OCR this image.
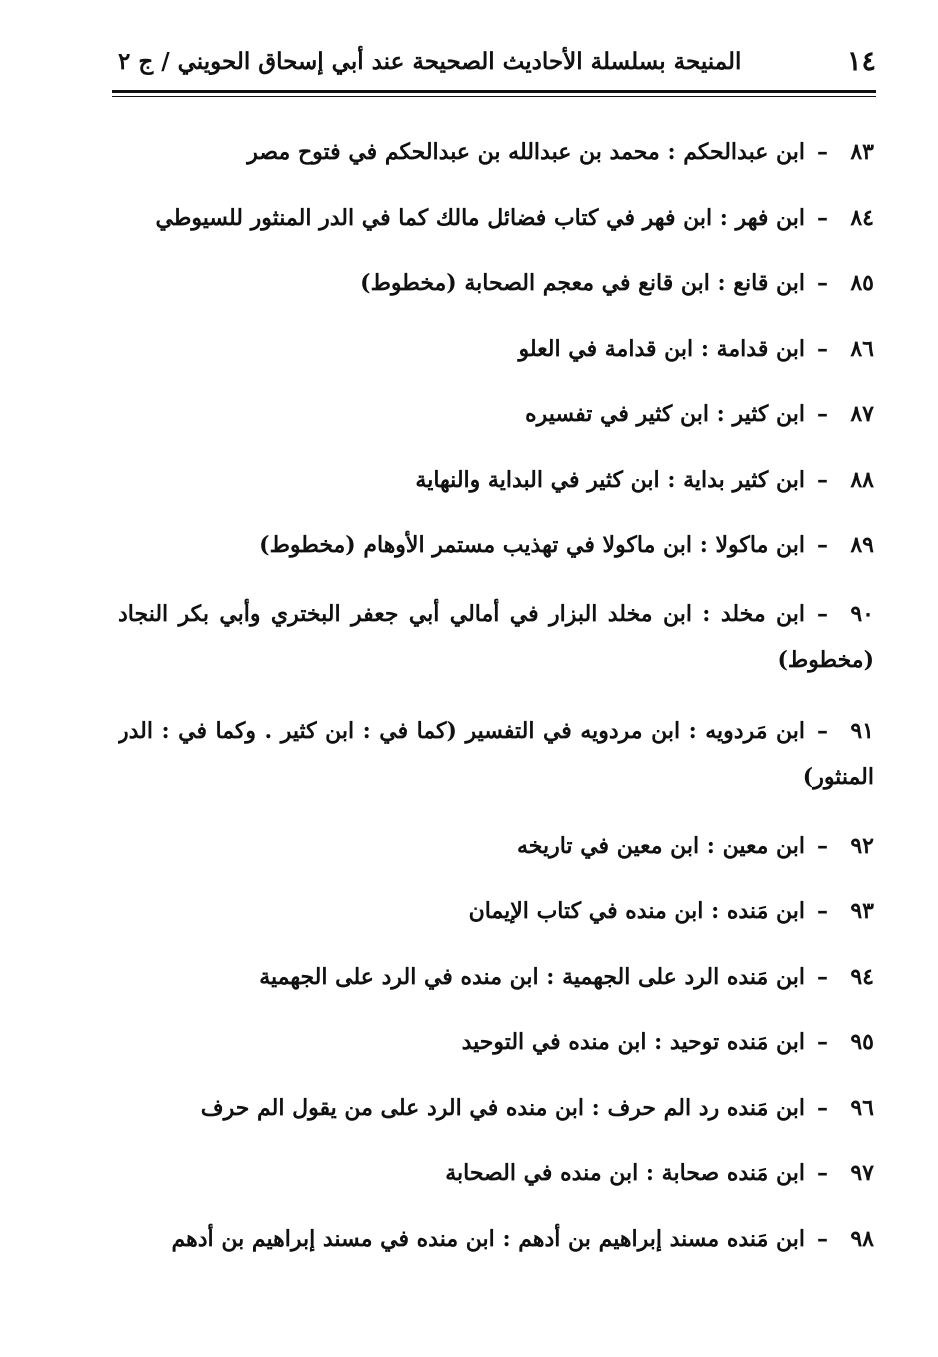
١٤
المنيحة بسلسلة الأحاديث الصحيحة عند أبي إسحاق الحويني / ج ٢
٨٣–ابن عبدالحكم : محمد بن عبدالله بن عبدالحكم في فتوح مصر
٨٤–ابن فهر : ابن فهر في كتاب فضائل مالك كما في الدر المنثور للسيوطي
٨٥–ابن قانع : ابن قانع في معجم الصحابة (مخطوط)
٨٦–ابن قدامة : ابن قدامة في العلو
٨٧–ابن كثير : ابن كثير في تفسيره
٨٨–ابن كثير بداية : ابن كثير في البداية والنهاية
٨٩–ابن ماكولا : ابن ماكولا في تهذيب مستمر الأوهام (مخطوط)
٩٠–ابن مخلد : ابن مخلد البزار في أمالي أبي جعفر البختري وأبي بكر النجاد (مخطوط)
٩١–ابن مَردويه : ابن مردويه في التفسير (كما في : ابن كثير . وكما في : الدر المنثور)
٩٢–ابن معين : ابن معين في تاريخه
٩٣–ابن مَنده : ابن منده في كتاب الإيمان
٩٤–ابن مَنده الرد على الجهمية : ابن منده في الرد على الجهمية
٩٥–ابن مَنده توحيد : ابن منده في التوحيد
٩٦–ابن مَنده رد الم حرف : ابن منده في الرد على من يقول الم حرف
٩٧–ابن مَنده صحابة : ابن منده في الصحابة
٩٨–ابن مَنده مسند إبراهيم بن أدهم : ابن منده في مسند إبراهيم بن أدهم
